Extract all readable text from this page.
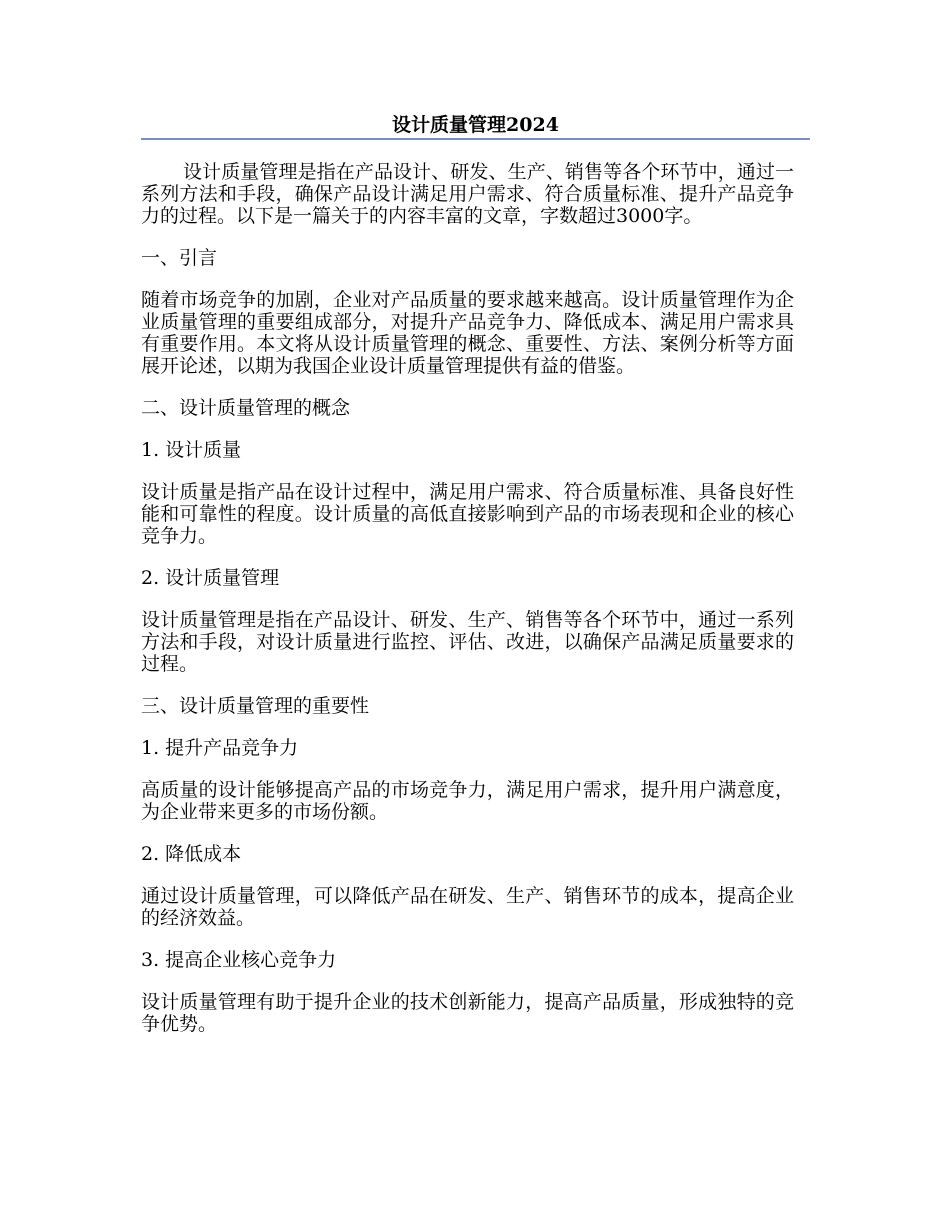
设计质量管理2024

设计质量管理是指在产品设计、研发、生产、销售等各个环节中，通过一系列方法和手段，确保产品设计满足用户需求、符合质量标准、提升产品竞争力的过程。以下是一篇关于的内容丰富的文章，字数超过3000字。

一、引言

随着市场竞争的加剧，企业对产品质量的要求越来越高。设计质量管理作为企业质量管理的重要组成部分，对提升产品竞争力、降低成本、满足用户需求具有重要作用。本文将从设计质量管理的概念、重要性、方法、案例分析等方面展开论述，以期为我国企业设计质量管理提供有益的借鉴。

二、设计质量管理的概念

1. 设计质量

设计质量是指产品在设计过程中，满足用户需求、符合质量标准、具备良好性能和可靠性的程度。设计质量的高低直接影响到产品的市场表现和企业的核心竞争力。

2. 设计质量管理

设计质量管理是指在产品设计、研发、生产、销售等各个环节中，通过一系列方法和手段，对设计质量进行监控、评估、改进，以确保产品满足质量要求的过程。

三、设计质量管理的重要性

1. 提升产品竞争力

高质量的设计能够提高产品的市场竞争力，满足用户需求，提升用户满意度，为企业带来更多的市场份额。

2. 降低成本

通过设计质量管理，可以降低产品在研发、生产、销售环节的成本，提高企业的经济效益。

3. 提高企业核心竞争力

设计质量管理有助于提升企业的技术创新能力，提高产品质量，形成独特的竞争优势。
